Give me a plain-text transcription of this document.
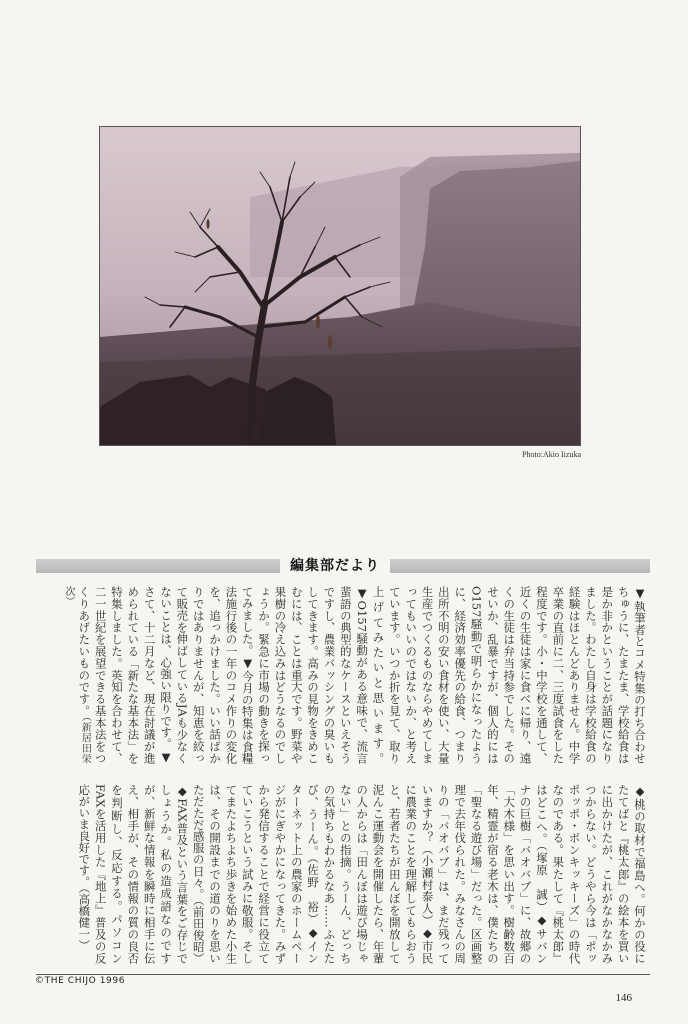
Photo:Akio Iizuka
編集部だより

▼執筆者とコメ特集の打ち合わせちゅうに、たまたま、学校給食は是か非かということが話題になりました。わたし自身は学校給食の経験はほとんどありません。中学卒業の直前に二、三度試食をした程度です。小・中学校を通して、近くの生徒は家に食べに帰り、遠くの生徒は弁当持参でした。そのせいか、乱暴ですが、個人的にはO157騒動で明らかになったように、経済効率優先の給食、つまり出所不明の安い食材を使い、大量生産でつくるものならやめてしまってもいいのではないか、と考えています。いつか折を見て、取り上げてみたいと思います。▼O157騒動がある意味で、流言蜚語の典型的なケースといえそうですし、農業バッシングの臭いもしてきます。高みの見物をきめこむには、ことは重大です。野菜や果樹の冷え込みはどうなるのでしょうか。緊急に市場の動きを探ってみました。▼今月の特集は食糧法施行後の一年のコメ作りの変化を、追っかけました。いい話ばかりではありませんが、知恵を絞って販売を伸ばしているJAも少なくないことは、心強い限りです。▼さて、十二月など、現在討議が進められている「新たな基本法」を特集しました。英知を合わせて、二一世紀を展望できる基本法をつくりあげたいものです。（新居田栄次）

◆桃の取材で福島へ。何かの役にたてばと『桃太郎』の絵本を買いに出かけたが、これがなかなかみつからない。どうやら今は「ポッポッポ・ボンキッキーズ」の時代なのである。果たして『桃太郎』はどこへ。（塚原　誠）◆サバンナの巨樹「バオバブ」に、故郷の「大木様」を思い出す。樹齢数百年、精霊が宿る老木は、僕たちの「聖なる遊び場」だった。区画整理で去年伐られた。みなさんの周りの「バオバブ」は、まだ残っていますか？（小瀬村泰人）◆市民に農業のことを理解してもらおうと、若者たちが田んぼを開放して泥んこ運動会を開催したら、年輩の人からは「田んぼは遊び場じゃない」との指摘。うーん、どっちの気持ちもわかるなあ……ふたたび、うーん。（佐野　裕）◆インターネット上の農家のホームページがにぎやかになってきた。みずから発信することで経営に役立てていこうという試みに敬服。そしてまたよちよち歩きを始めた小生は、その開設までの道のりを思いただただ感服の日々。（前田俊昭）◆FAX普及という言葉をご存じでしょうか。私の造成語なのですが、新鮮な情報を瞬時に相手に伝え、相手が、その情報の質の良否を判断し、反応する。パソコンFAXを活用した『地上』普及の反応がいま良好です。（高橋健一）

©THE CHIJO 1996
146
